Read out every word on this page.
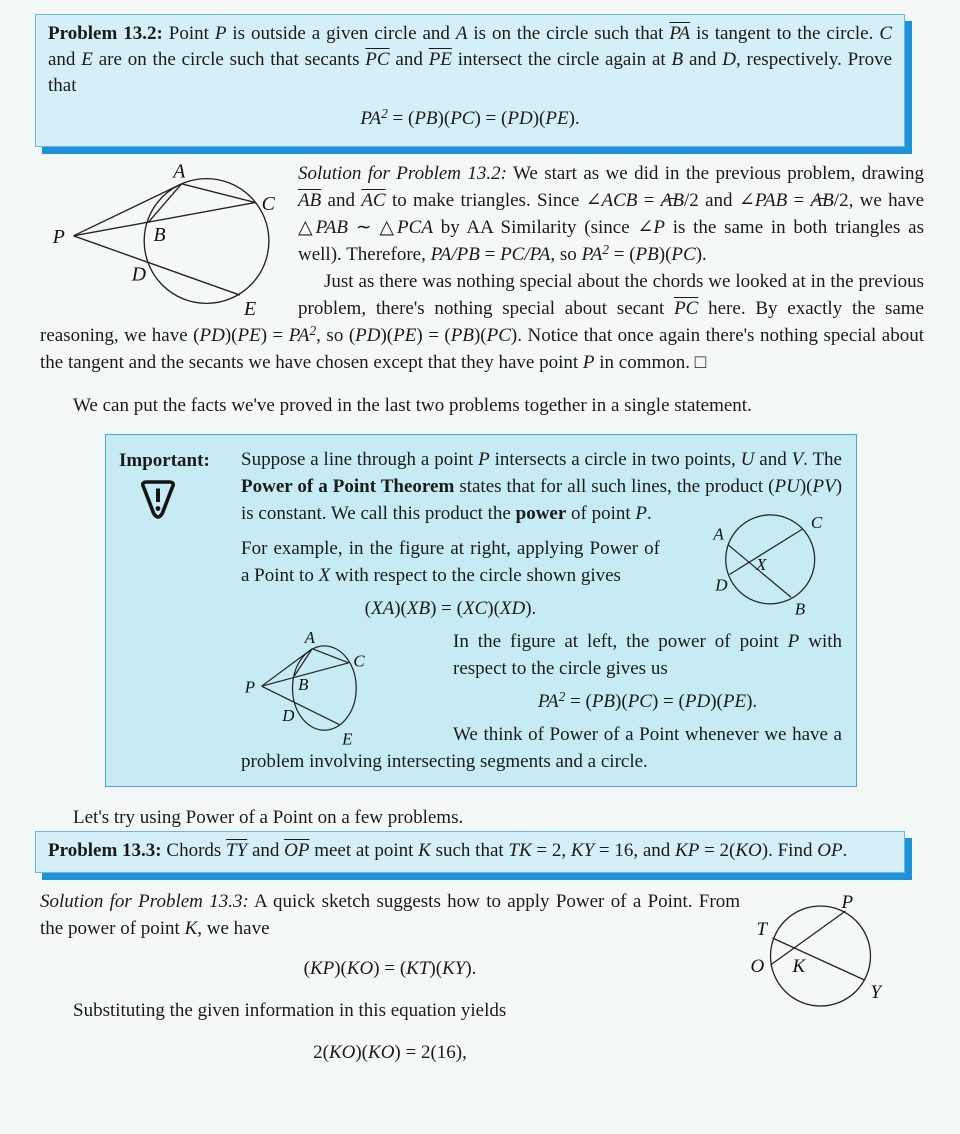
Problem 13.2: Point P is outside a given circle and A is on the circle such that $\overline{PA}$ is tangent to the circle. C and E are on the circle such that secants $\overline{PC}$ and $\overline{PE}$ intersect the circle again at B and D, respectively. Prove that
$PA^2 = (PB)(PC) = (PD)(PE)$.
P
A
B
C
D
E

Solution for Problem 13.2: We start as we did in the previous problem, drawing $\overline{AB}$ and $\overline{AC}$ to make triangles. Since ∠ACB = AB/2 and ∠PAB = AB/2, we have △PAB ∼ △PCA by AA Similarity (since ∠P is the same in both triangles as well). Therefore, PA/PB = PC/PA, so $PA^2 = (PB)(PC)$.

Just as there was nothing special about the chords we looked at in the previous problem, there's nothing special about secant $\overline{PC}$ here. By exactly the same reasoning, we have $(PD)(PE) = PA^2$, so (PD)(PE) = (PB)(PC). Notice that once again there's nothing special about the tangent and the secants we have chosen except that they have point P in common. □

We can put the facts we've proved in the last two problems together in a single statement.

Important:	Suppose a line through a point P intersects a circle in two points, U and V. The Power of a Point Theorem states that for all such lines, the product (PU)(PV) is constant. We call this product the power of point P.

A
C
D
B
X

For example, in the figure at right, applying Power of a Point to X with respect to the circle shown gives

(XA)(XB) = (XC)(XD).
P
A
B
C
D
E

In the figure at left, the power of point P with respect to the circle gives us

$PA^2 = (PB)(PC) = (PD)(PE)$.

We think of Power of a Point whenever we have a problem involving intersecting segments and a circle.

Let's try using Power of a Point on a few problems.

Problem 13.3: Chords $\overline{TY}$ and $\overline{OP}$ meet at point K such that TK = 2, KY = 16, and KP = 2(KO). Find OP.
P
T
O K
Y

Solution for Problem 13.3: A quick sketch suggests how to apply Power of a Point. From the power of point K, we have

(KP)(KO) = (KT)(KY).

Substituting the given information in this equation yields

2(KO)(KO) = 2(16),
